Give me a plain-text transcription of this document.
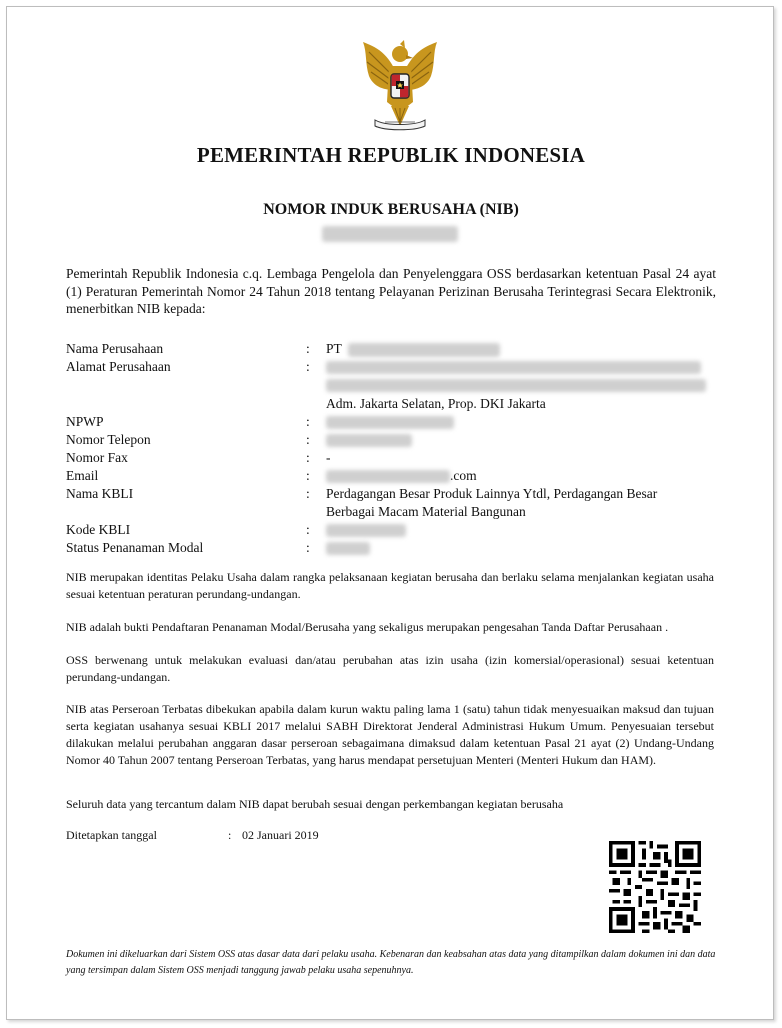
PEMERINTAH REPUBLIK INDONESIA
NOMOR INDUK BERUSAHA (NIB)
Pemerintah Republik Indonesia c.q. Lembaga Pengelola dan Penyelenggara OSS berdasarkan ketentuan Pasal 24 ayat (1) Peraturan Pemerintah Nomor 24 Tahun 2018 tentang Pelayanan Perizinan Berusaha Terintegrasi Secara Elektronik, menerbitkan NIB kepada:
Nama Perusahaan	: PT
Alamat Perusahaan	:
Adm. Jakarta Selatan, Prop. DKI Jakarta
NPWP	:
Nomor Telepon	:
Nomor Fax	: -
Email	:	.com
Nama KBLI	: Perdagangan Besar Produk Lainnya Ytdl, Perdagangan Besar Berbagai Macam Material Bangunan
Kode KBLI	:
Status Penanaman Modal	:
NIB merupakan identitas Pelaku Usaha dalam rangka pelaksanaan kegiatan berusaha dan berlaku selama menjalankan kegiatan usaha sesuai ketentuan peraturan perundang-undangan.
NIB adalah bukti Pendaftaran Penanaman Modal/Berusaha yang sekaligus merupakan pengesahan Tanda Daftar Perusahaan .
OSS berwenang untuk melakukan evaluasi dan/atau perubahan atas izin usaha (izin komersial/operasional) sesuai ketentuan perundang-undangan.
NIB atas Perseroan Terbatas dibekukan apabila dalam kurun waktu paling lama 1 (satu) tahun tidak menyesuaikan maksud dan tujuan serta kegiatan usahanya sesuai KBLI 2017 melalui SABH Direktorat Jenderal Administrasi Hukum Umum. Penyesuaian tersebut dilakukan melalui perubahan anggaran dasar perseroan sebagaimana dimaksud dalam ketentuan Pasal 21 ayat (2) Undang-Undang Nomor 40 Tahun 2007 tentang Perseroan Terbatas, yang harus mendapat persetujuan Menteri (Menteri Hukum dan HAM).
Seluruh data yang tercantum dalam NIB dapat berubah sesuai dengan perkembangan kegiatan berusaha
Ditetapkan tanggal	: 02 Januari 2019
Dokumen ini dikeluarkan dari Sistem OSS atas dasar data dari pelaku usaha. Kebenaran dan keabsahan atas data yang ditampilkan dalam dokumen ini dan data yang tersimpan dalam Sistem OSS menjadi tanggung jawab pelaku usaha sepenuhnya.
